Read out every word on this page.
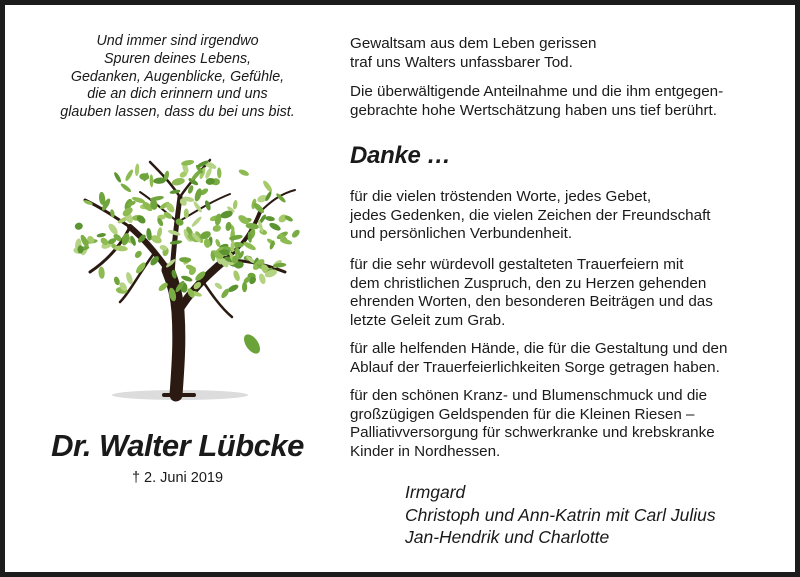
Und immer sind irgendwo
Spuren deines Lebens,
Gedanken, Augenblicke, Gefühle,
die an dich erinnern und uns
glauben lassen, dass du bei uns bist.
Dr. Walter Lübcke
† 2. Juni 2019
Gewaltsam aus dem Leben gerissen
traf uns Walters unfassbarer Tod.
Die überwältigende Anteilnahme und die ihm entgegen-
gebrachte hohe Wertschätzung haben uns tief berührt.
Danke …
für die vielen tröstenden Worte, jedes Gebet,
jedes Gedenken, die vielen Zeichen der Freundschaft
und persönlichen Verbundenheit.
für die sehr würdevoll gestalteten Trauerfeiern mit
dem christlichen Zuspruch, den zu Herzen gehenden
ehrenden Worten, den besonderen Beiträgen und das
letzte Geleit zum Grab.
für alle helfenden Hände, die für die Gestaltung und den
Ablauf der Trauerfeierlichkeiten Sorge getragen haben.
für den schönen Kranz- und Blumenschmuck und die
großzügigen Geldspenden für die Kleinen Riesen –
Palliativversorgung für schwerkranke und krebskranke
Kinder in Nordhessen.
Irmgard
Christoph und Ann-Katrin mit Carl Julius
Jan-Hendrik und Charlotte
